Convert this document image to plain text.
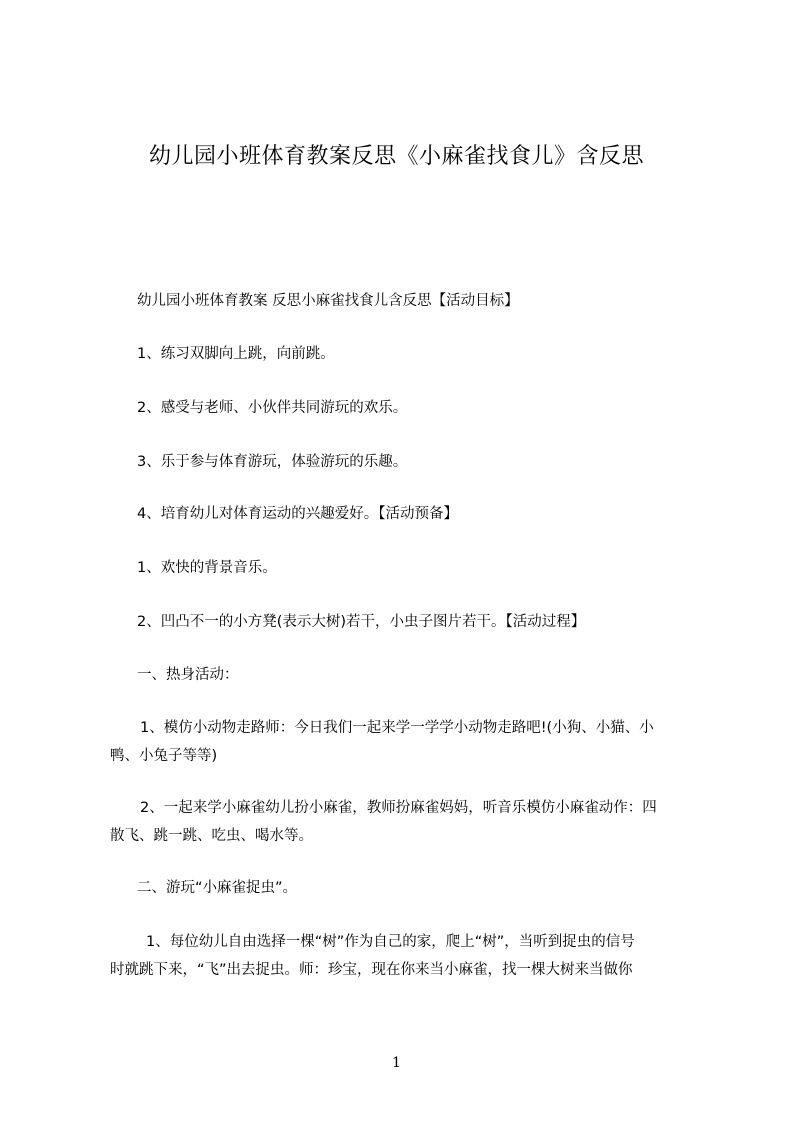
幼儿园小班体育教案反思《小麻雀找食儿》含反思
幼儿园小班体育教案 反思小麻雀找食儿含反思【活动目标】
1、练习双脚向上跳，向前跳。
2、感受与老师、小伙伴共同游玩的欢乐。
3、乐于参与体育游玩，体验游玩的乐趣。
4、培育幼儿对体育运动的兴趣爱好。【活动预备】
1、欢快的背景音乐。
2、凹凸不一的小方凳(表示大树)若干，小虫子图片若干。【活动过程】
一、热身活动：
1、模仿小动物走路师：今日我们一起来学一学学小动物走路吧!(小狗、小猫、小
鸭、小兔子等等)
2、一起来学小麻雀幼儿扮小麻雀，教师扮麻雀妈妈，听音乐模仿小麻雀动作：四
散飞、跳一跳、吃虫、喝水等。
二、游玩“小麻雀捉虫”。
1、每位幼儿自由选择一棵“树”作为自己的家，爬上“树”，当听到捉虫的信号
时就跳下来，“飞”出去捉虫。师：珍宝，现在你来当小麻雀，找一棵大树来当做你
1
